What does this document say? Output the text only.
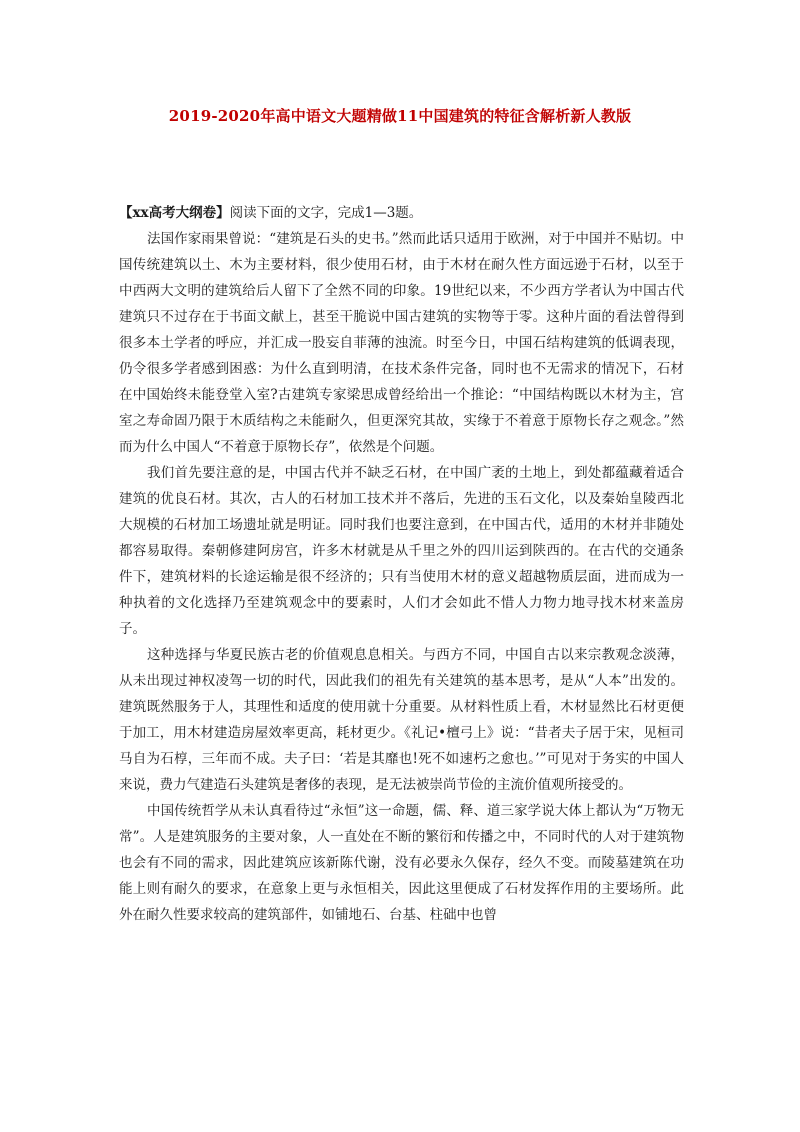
2019-2020年高中语文大题精做11中国建筑的特征含解析新人教版

【xx高考大纲卷】阅读下面的文字，完成1—3题。

法国作家雨果曾说：“建筑是石头的史书。”然而此话只适用于欧洲，对于中国并不贴切。中国传统建筑以土、木为主要材料，很少使用石材，由于木材在耐久性方面远逊于石材，以至于中西两大文明的建筑给后人留下了全然不同的印象。19世纪以来，不少西方学者认为中国古代建筑只不过存在于书面文献上，甚至干脆说中国古建筑的实物等于零。这种片面的看法曾得到很多本土学者的呼应，并汇成一股妄自菲薄的浊流。时至今日，中国石结构建筑的低调表现，仍令很多学者感到困惑：为什么直到明清，在技术条件完备，同时也不无需求的情况下，石材在中国始终未能登堂入室?古建筑专家梁思成曾经给出一个推论：“中国结构既以木材为主，宫室之寿命固乃限于木质结构之未能耐久，但更深究其故，实缘于不着意于原物长存之观念。”然而为什么中国人“不着意于原物长存”，依然是个问题。

我们首先要注意的是，中国古代并不缺乏石材，在中国广袤的土地上，到处都蕴藏着适合建筑的优良石材。其次，古人的石材加工技术并不落后，先进的玉石文化，以及秦始皇陵西北大规模的石材加工场遗址就是明证。同时我们也要注意到，在中国古代，适用的木材并非随处都容易取得。秦朝修建阿房宫，许多木材就是从千里之外的四川运到陕西的。在古代的交通条件下，建筑材料的长途运输是很不经济的；只有当使用木材的意义超越物质层面，进而成为一种执着的文化选择乃至建筑观念中的要素时，人们才会如此不惜人力物力地寻找木材来盖房子。

这种选择与华夏民族古老的价值观息息相关。与西方不同，中国自古以来宗教观念淡薄，从未出现过神权凌驾一切的时代，因此我们的祖先有关建筑的基本思考，是从“人本”出发的。建筑既然服务于人，其理性和适度的使用就十分重要。从材料性质上看，木材显然比石材更便于加工，用木材建造房屋效率更高，耗材更少。《礼记•檀弓上》说：“昔者夫子居于宋，见桓司马自为石椁，三年而不成。夫子曰：‘若是其靡也!死不如速朽之愈也。’”可见对于务实的中国人来说，费力气建造石头建筑是奢侈的表现，是无法被崇尚节俭的主流价值观所接受的。

中国传统哲学从未认真看待过“永恒”这一命题，儒、释、道三家学说大体上都认为“万物无常”。人是建筑服务的主要对象，人一直处在不断的繁衍和传播之中，不同时代的人对于建筑物也会有不同的需求，因此建筑应该新陈代谢，没有必要永久保存，经久不变。而陵墓建筑在功能上则有耐久的要求，在意象上更与永恒相关，因此这里便成了石材发挥作用的主要场所。此外在耐久性要求较高的建筑部件，如铺地石、台基、柱础中也曾
